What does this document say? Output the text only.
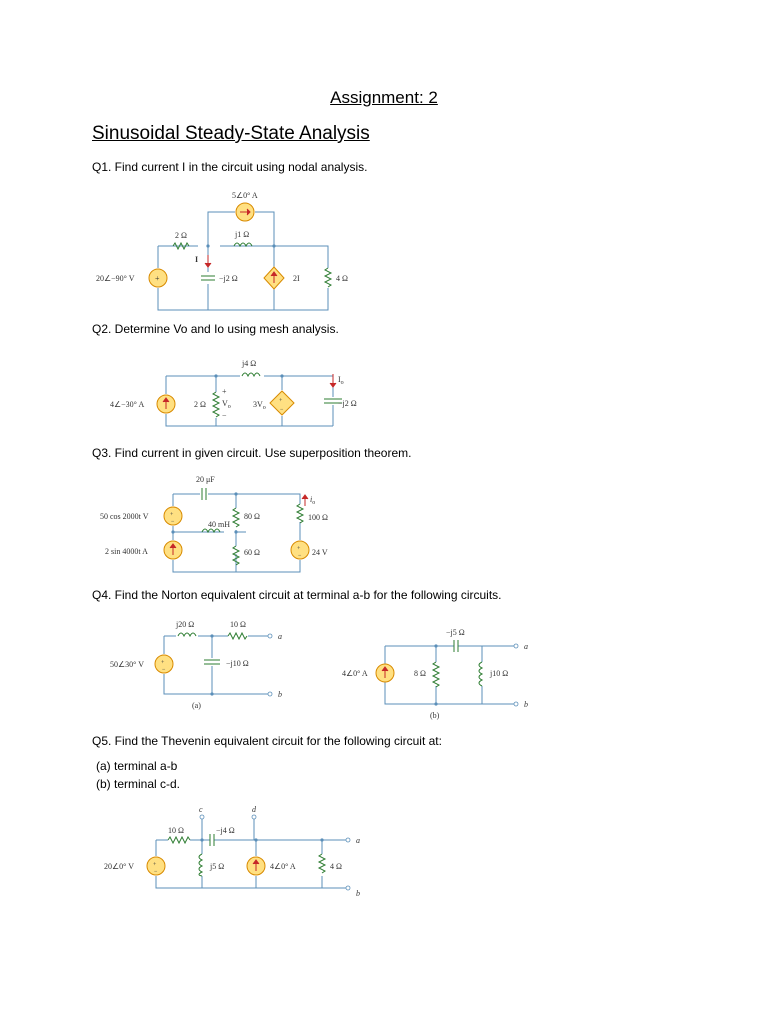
Assignment: 2
Sinusoidal Steady-State Analysis
Q1. Find current I in the circuit using nodal analysis.
Q2. Determine Vo and Io using mesh analysis.
Q3. Find current in given circuit. Use superposition theorem.
Q4. Find the Norton equivalent circuit at terminal a-b for the following circuits.
Q5. Find the Thevenin equivalent circuit for the following circuit at:
(a) terminal a-b
(b) terminal c-d.
+
2 Ω	j1 Ω
5∠0° A
20∠−90° V	−j2 Ω	2I	4 Ω
I
+
−
4∠−30° A
j4 Ω
2 Ω
+
$V_o$
−
$3V_o$
$I_o$
−j2 Ω
+
−
+
−
20 μF
50 cos 2000t V
40 mH
80 Ω	100 Ω
2 sin 4000t A	60 Ω	24 V
$i_o$
+
−
j20 Ω	10 Ω
a
50∠30° V	−j10 Ω
b
(a)
−j5 Ω
a
4∠0° A	8 Ω	j10 Ω
b
(b)
+
−
c	d
10 Ω	−j4 Ω
a
20∠0° V	j5 Ω	4∠0° A	4 Ω
b
